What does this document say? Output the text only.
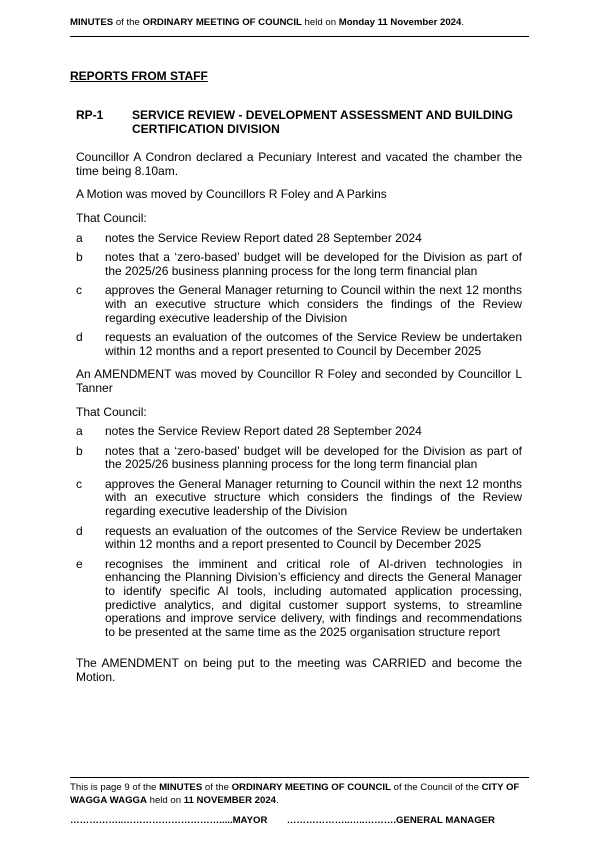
MINUTES of the ORDINARY MEETING OF COUNCIL held on Monday 11 November 2024.
REPORTS FROM STAFF
RP-1	SERVICE REVIEW - DEVELOPMENT ASSESSMENT AND BUILDING CERTIFICATION DIVISION

Councillor A Condron declared a Pecuniary Interest and vacated the chamber the time being 8.10am.

A Motion was moved by Councillors R Foley and A Parkins

That Council:

a	notes the Service Review Report dated 28 September 2024
b	notes that a ‘zero-based’ budget will be developed for the Division as part of the 2025/26 business planning process for the long term financial plan
c	approves the General Manager returning to Council within the next 12 months with an executive structure which considers the findings of the Review regarding executive leadership of the Division
d	requests an evaluation of the outcomes of the Service Review be undertaken within 12 months and a report presented to Council by December 2025

An AMENDMENT was moved by Councillor R Foley and seconded by Councillor L Tanner

That Council:

a	notes the Service Review Report dated 28 September 2024
b	notes that a ‘zero-based’ budget will be developed for the Division as part of the 2025/26 business planning process for the long term financial plan
c	approves the General Manager returning to Council within the next 12 months with an executive structure which considers the findings of the Review regarding executive leadership of the Division
d	requests an evaluation of the outcomes of the Service Review be undertaken within 12 months and a report presented to Council by December 2025
e	recognises the imminent and critical role of AI-driven technologies in enhancing the Planning Division’s efficiency and directs the General Manager to identify specific AI tools, including automated application processing, predictive analytics, and digital customer support systems, to streamline operations and improve service delivery, with findings and recommendations to be presented at the same time as the 2025 organisation structure report

The AMENDMENT on being put to the meeting was CARRIED and become the Motion.

This is page 9 of the MINUTES of the ORDINARY MEETING OF COUNCIL of the Council of the CITY OF WAGGA WAGGA held on 11 NOVEMBER 2024.
……………..………………………….....MAYOR ………………..…..……….GENERAL MANAGER
